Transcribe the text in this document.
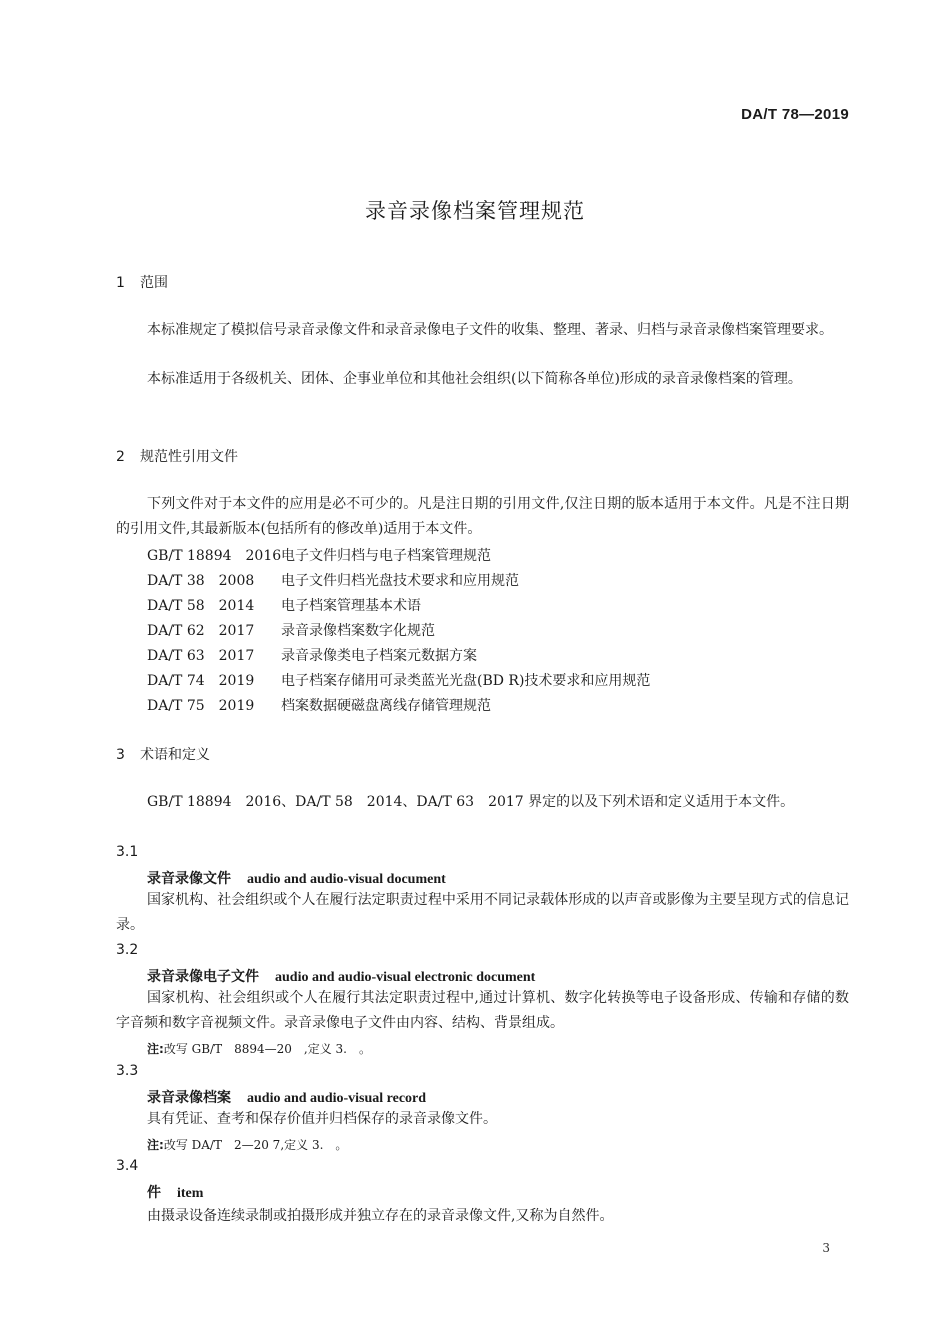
DA/T 78—2019
录音录像档案管理规范
1 范围
本标准规定了模拟信号录音录像文件和录音录像电子文件的收集、整理、著录、归档与录音录像档案管理要求。
本标准适用于各级机关、团体、企事业单位和其他社会组织(以下简称各单位)形成的录音录像档案的管理。
2 规范性引用文件
下列文件对于本文件的应用是必不可少的。凡是注日期的引用文件,仅注日期的版本适用于本文件。凡是不注日期的引用文件,其最新版本(包括所有的修改单)适用于本文件。
GB/T 18894　2016电子文件归档与电子档案管理规范
DA/T 38　2008 电子文件归档光盘技术要求和应用规范
DA/T 58　2014 电子档案管理基本术语
DA/T 62　2017 录音录像档案数字化规范
DA/T 63　2017 录音录像类电子档案元数据方案
DA/T 74　2019 电子档案存储用可录类蓝光光盘(BD R)技术要求和应用规范
DA/T 75　2019 档案数据硬磁盘离线存储管理规范
3 术语和定义
GB/T 18894　2016、DA/T 58　2014、DA/T 63　2017 界定的以及下列术语和定义适用于本文件。
3.1
录音录像文件 audio and audio-visual document
国家机构、社会组织或个人在履行法定职责过程中采用不同记录载体形成的以声音或影像为主要呈现方式的信息记录。
3.2
录音录像电子文件 audio and audio-visual electronic document
国家机构、社会组织或个人在履行其法定职责过程中,通过计算机、数字化转换等电子设备形成、传输和存储的数字音频和数字音视频文件。录音录像电子文件由内容、结构、背景组成。
注:改写 GB/T　8894—20　,定义 3.　。
3.3
录音录像档案 audio and audio-visual record
具有凭证、查考和保存价值并归档保存的录音录像文件。
注:改写 DA/T　2—20 7,定义 3.　。
3.4
件 item
由摄录设备连续录制或拍摄形成并独立存在的录音录像文件,又称为自然件。
3
